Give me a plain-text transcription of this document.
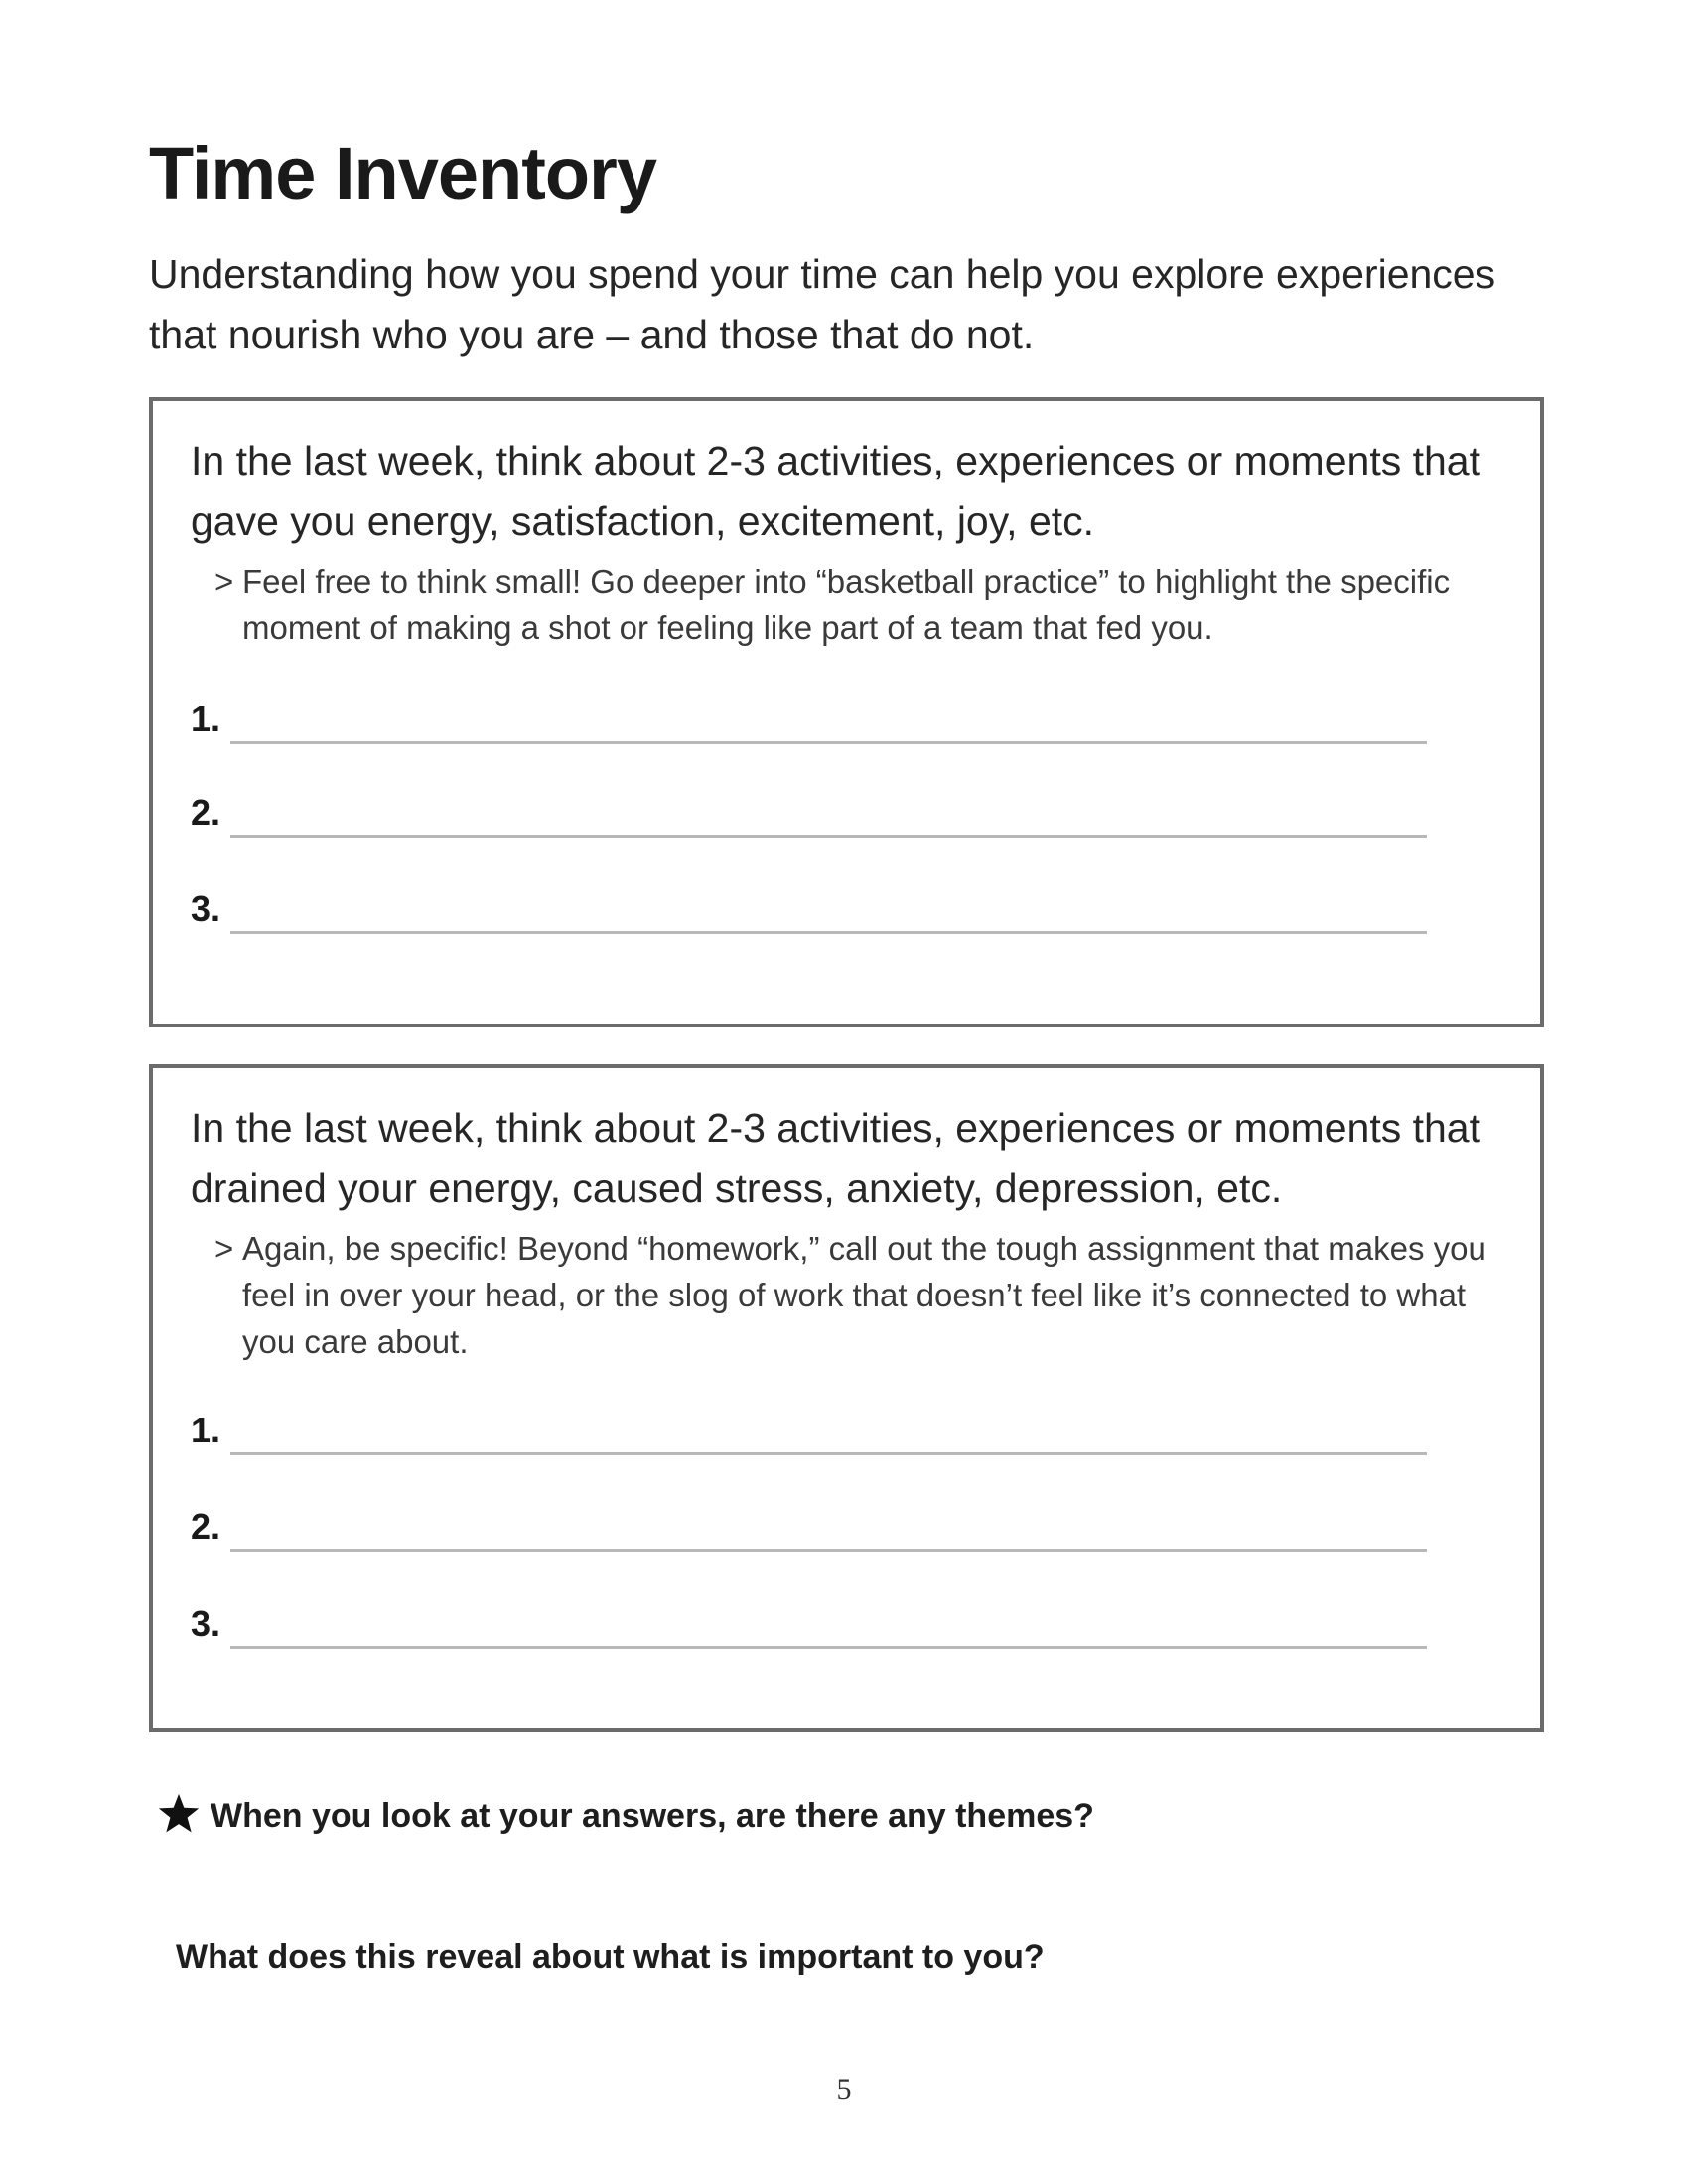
Time Inventory

Understanding how you spend your time can help you explore experiences that nourish who you are – and those that do not.

In the last week, think about 2-3 activities, experiences or moments that gave you energy, satisfaction, excitement, joy, etc.

> Feel free to think small! Go deeper into “basketball practice” to highlight the specific moment of making a shot or feeling like part of a team that fed you.

1.
2.
3.

In the last week, think about 2-3 activities, experiences or moments that drained your energy, caused stress, anxiety, depression, etc.

> Again, be specific! Beyond “homework,” call out the tough assignment that makes you feel in over your head, or the slog of work that doesn’t feel like it’s connected to what you care about.

1.
2.
3.

When you look at your answers, are there any themes?

What does this reveal about what is important to you?

5
